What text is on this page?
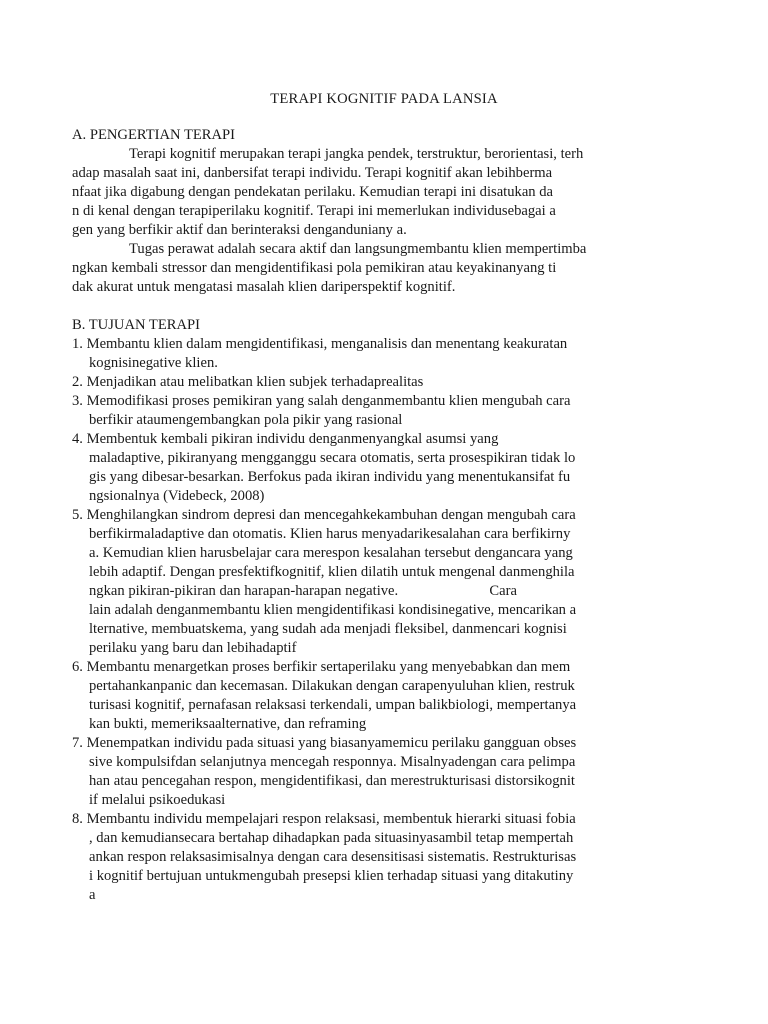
TERAPI KOGNITIF PADA LANSIA
A. PENGERTIAN TERAPI
Terapi kognitif merupakan terapi jangka pendek, terstruktur, berorientasi, terh
adap masalah saat ini, danbersifat terapi individu. Terapi kognitif akan lebihberma
nfaat jika digabung dengan pendekatan perilaku. Kemudian terapi ini disatukan da
n di kenal dengan terapiperilaku kognitif. Terapi ini memerlukan individusebagai a
gen yang berfikir aktif dan berinteraksi denganduniany a.
Tugas perawat adalah secara aktif dan langsungmembantu klien mempertimba
ngkan kembali stressor dan mengidentifikasi pola pemikiran atau keyakinanyang ti
dak akurat untuk mengatasi masalah klien dariperspektif kognitif.
B. TUJUAN TERAPI
1. Membantu klien dalam mengidentifikasi, menganalisis dan menentang keakuratan
kognisinegative klien.
2. Menjadikan atau melibatkan klien subjek terhadaprealitas
3. Memodifikasi proses pemikiran yang salah denganmembantu klien mengubah cara
berfikir ataumengembangkan pola pikir yang rasional
4. Membentuk kembali pikiran individu denganmenyangkal asumsi yang
maladaptive, pikiranyang mengganggu secara otomatis, serta prosespikiran tidak lo
gis yang dibesar-besarkan. Berfokus pada ikiran individu yang menentukansifat fu
ngsionalnya (Videbeck, 2008)
5. Menghilangkan sindrom depresi dan mencegahkekambuhan dengan mengubah cara
berfikirmaladaptive dan otomatis. Klien harus menyadarikesalahan cara berfikirny
a. Kemudian klien harusbelajar cara merespon kesalahan tersebut dengancara yang
lebih adaptif. Dengan presfektifkognitif, klien dilatih untuk mengenal danmenghila
ngkan pikiran-pikiran dan harapan-harapan negative.                         Cara
lain adalah denganmembantu klien mengidentifikasi kondisinegative, mencarikan a
lternative, membuatskema, yang sudah ada menjadi fleksibel, danmencari kognisi
perilaku yang baru dan lebihadaptif
6. Membantu menargetkan proses berfikir sertaperilaku yang menyebabkan dan mem
pertahankanpanic dan kecemasan. Dilakukan dengan carapenyuluhan klien, restruk
turisasi kognitif, pernafasan relaksasi terkendali, umpan balikbiologi, mempertanya
kan bukti, memeriksaalternative, dan reframing
7. Menempatkan individu pada situasi yang biasanyamemicu perilaku gangguan obses
sive kompulsifdan selanjutnya mencegah responnya. Misalnyadengan cara pelimpa
han atau pencegahan respon, mengidentifikasi, dan merestrukturisasi distorsikognit
if melalui psikoedukasi
8. Membantu individu mempelajari respon relaksasi, membentuk hierarki situasi fobia
, dan kemudiansecara bertahap dihadapkan pada situasinyasambil tetap mempertah
ankan respon relaksasimisalnya dengan cara desensitisasi sistematis. Restrukturisas
i kognitif bertujuan untukmengubah presepsi klien terhadap situasi yang ditakutiny
a
